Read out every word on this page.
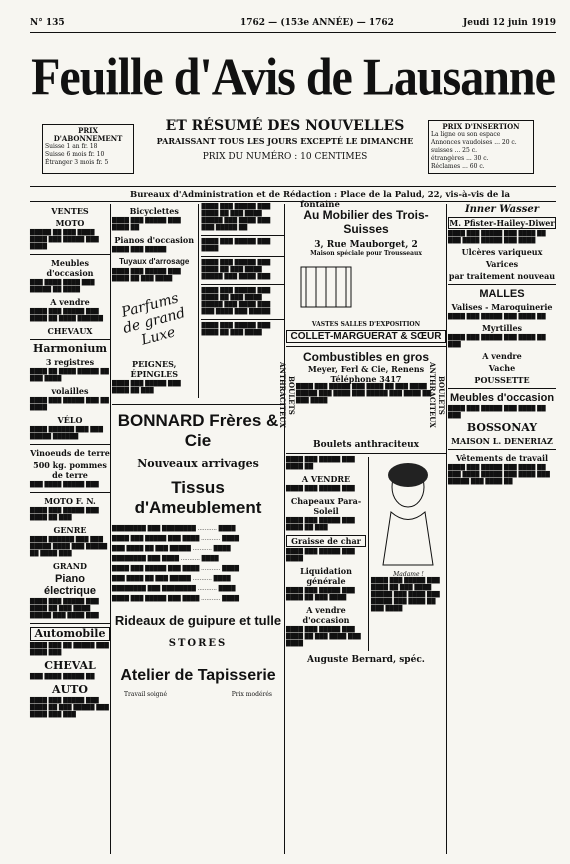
N° 135	1762 — (153e ANNÉE) — 1762	Jeudi 12 juin 1919
Feuille d'Avis de Lausanne
PRIX D'ABONNEMENT
Suisse 1 an fr. 18
Suisse 6 mois fr. 10
Étranger 3 mois fr. 5
PRIX D'INSERTION
La ligne ou son espace
Annonces vaudoises ... 20 c.
suisses ... 25 c.
étrangères ... 30 c.
Réclames ... 60 c.
ET RÉSUMÉ DES NOUVELLES
PARAISSANT TOUS LES JOURS EXCEPTÉ LE DIMANCHE
PRIX DU NUMÉRO : 10 CENTIMES
Bureaux d'Administration et de Rédaction : Place de la Palud, 22, vis-à-vis de la fontaine
VENTES
MOTO

█████ ██ ███ ████ ████ ███ █████ ███ ████

Meubles d'occasion

███ ████ ████ ███ █████ ██ ████

A vendre

████ ███ █████ ███ ████ ██ ████ ██████

CHEVAUX
Harmonium
3 registres

████ ██ ████ █████ ██ ███ ████

volailles

████ ███ █████ ███ ██ ████

VÉLO

████ ██████ ███ ███ █████ ██████

Vinoeuds de terre
500 kg. pommes de terre

███ ████ █████ ███

MOTO F. N.

████ ███ █████ ███ ████ ██ ███

GENRE

████ ██████ ███ ███ █████ ████ ███ █████ ██ ████ ███

GRAND
Piano électrique

████ ███ █████ ███ ████ ██ ███ ████ █████ ███ ████ ███

Automobile

████ ███ ██ █████ ███ ████ ███

CHEVAL

███ ████ █████ ██

AUTO

████ ███ █████ ███ ████ ██ ███ █████ ███ ████ ███ ███

Bicyclettes

████ ███ █████ ███ ████ ██

Pianos d'occasion

████ ███ █████

Tuyaux d'arrosage

████ ███ █████ ███ ████ ██ ███ ████

Parfums de grand Luxe
PEIGNES, ÉPINGLES

████ ███ █████ ███ ████ ██ ███

████ ███ █████ ███ ████ ██ ███ ████ █████ ███ ████ ███ ███ █████ ██

████ ███ █████ ███ ████

████ ███ █████ ███ ████ ██ ███ ████ █████ ███ ████ ███

████ ███ █████ ███ ████ ██ ███ ████ █████ ███ ████ ███ ███ ████ ███ █████

████ ███ █████ ███ ████ ██ ███ ████

BONNARD Frères & Cie
Nouveaux arrivages
Tissus d'Ameublement

████████ ███ ████████ ........... ████

████ ███ █████ ███ ████ ........... ████

███ ████ ██ ███ █████ ........... ████

████████ ███ ████ ........... ████

████ ███ █████ ███ ████ ........... ████

███ ████ ██ ███ █████ ........... ████

████████ ███ ████████ ........... ████

████ ███ █████ ███ ████ ........... ████

Rideaux de guipure et tulle
STORES
Atelier de Tapisserie
Travail soigné	Prix modérés
Au Mobilier des Trois-Suisses
3, Rue Mauborget, 2
Maison spéciale pour Trousseaux
VASTES SALLES D'EXPOSITION
COLLET-MARGUERAT & SŒUR
BOULETS ANTHRACITEUX
Combustibles en gros
Meyer, Ferl & Cie, Renens
Téléphone 3417

████ ███ █████ ███ ████ ██ ███ ████ █████ ███ ████ ███ █████ ███ ████ ██ ███ ████	BOULETS ANTHRACITEUX
Boulets anthraciteux

████ ███ █████ ███ ████ ██

A VENDRE

████ ███ █████ ███

Chapeaux Para-Soleil

████ ███ █████ ███ ████ ██ ███

Graisse de char

████ ███ █████ ███ ████

Liquidation générale

████ ███ █████ ███ ████ ██ ███ ████

A vendre d'occasion

████ ███ █████ ███ ████ ██ ███ ████ ███ ████

Madame !

████ ███ █████ ███ ████ ██ ███ ████ █████ ███ ████ ███ █████ ███ ████ ██ ███ ████

Auguste Bernard, spéc.
Inner Wasser
M. Pfister-Hailey-Diwer

████ ███ █████ ███ ████ ██ ███ ████ █████ ███ ████

Ulcères variqueux
Varices
par traitement nouveau
MALLES
Valises - Maroquinerie

████ ███ █████ ███ ████ ██

Myrtilles

████ ███ █████ ███ ████ ██ ███

A vendre
Vache
POUSSETTE
Meubles d'occasion

████ ███ █████ ███ ████ ██ ███

BOSSONAY
MAISON L. DENERIAZ
Vêtements de travail

████ ███ █████ ███ ████ ██ ███ ████ █████ ███ ████ ███ █████ ███ ████ ██
